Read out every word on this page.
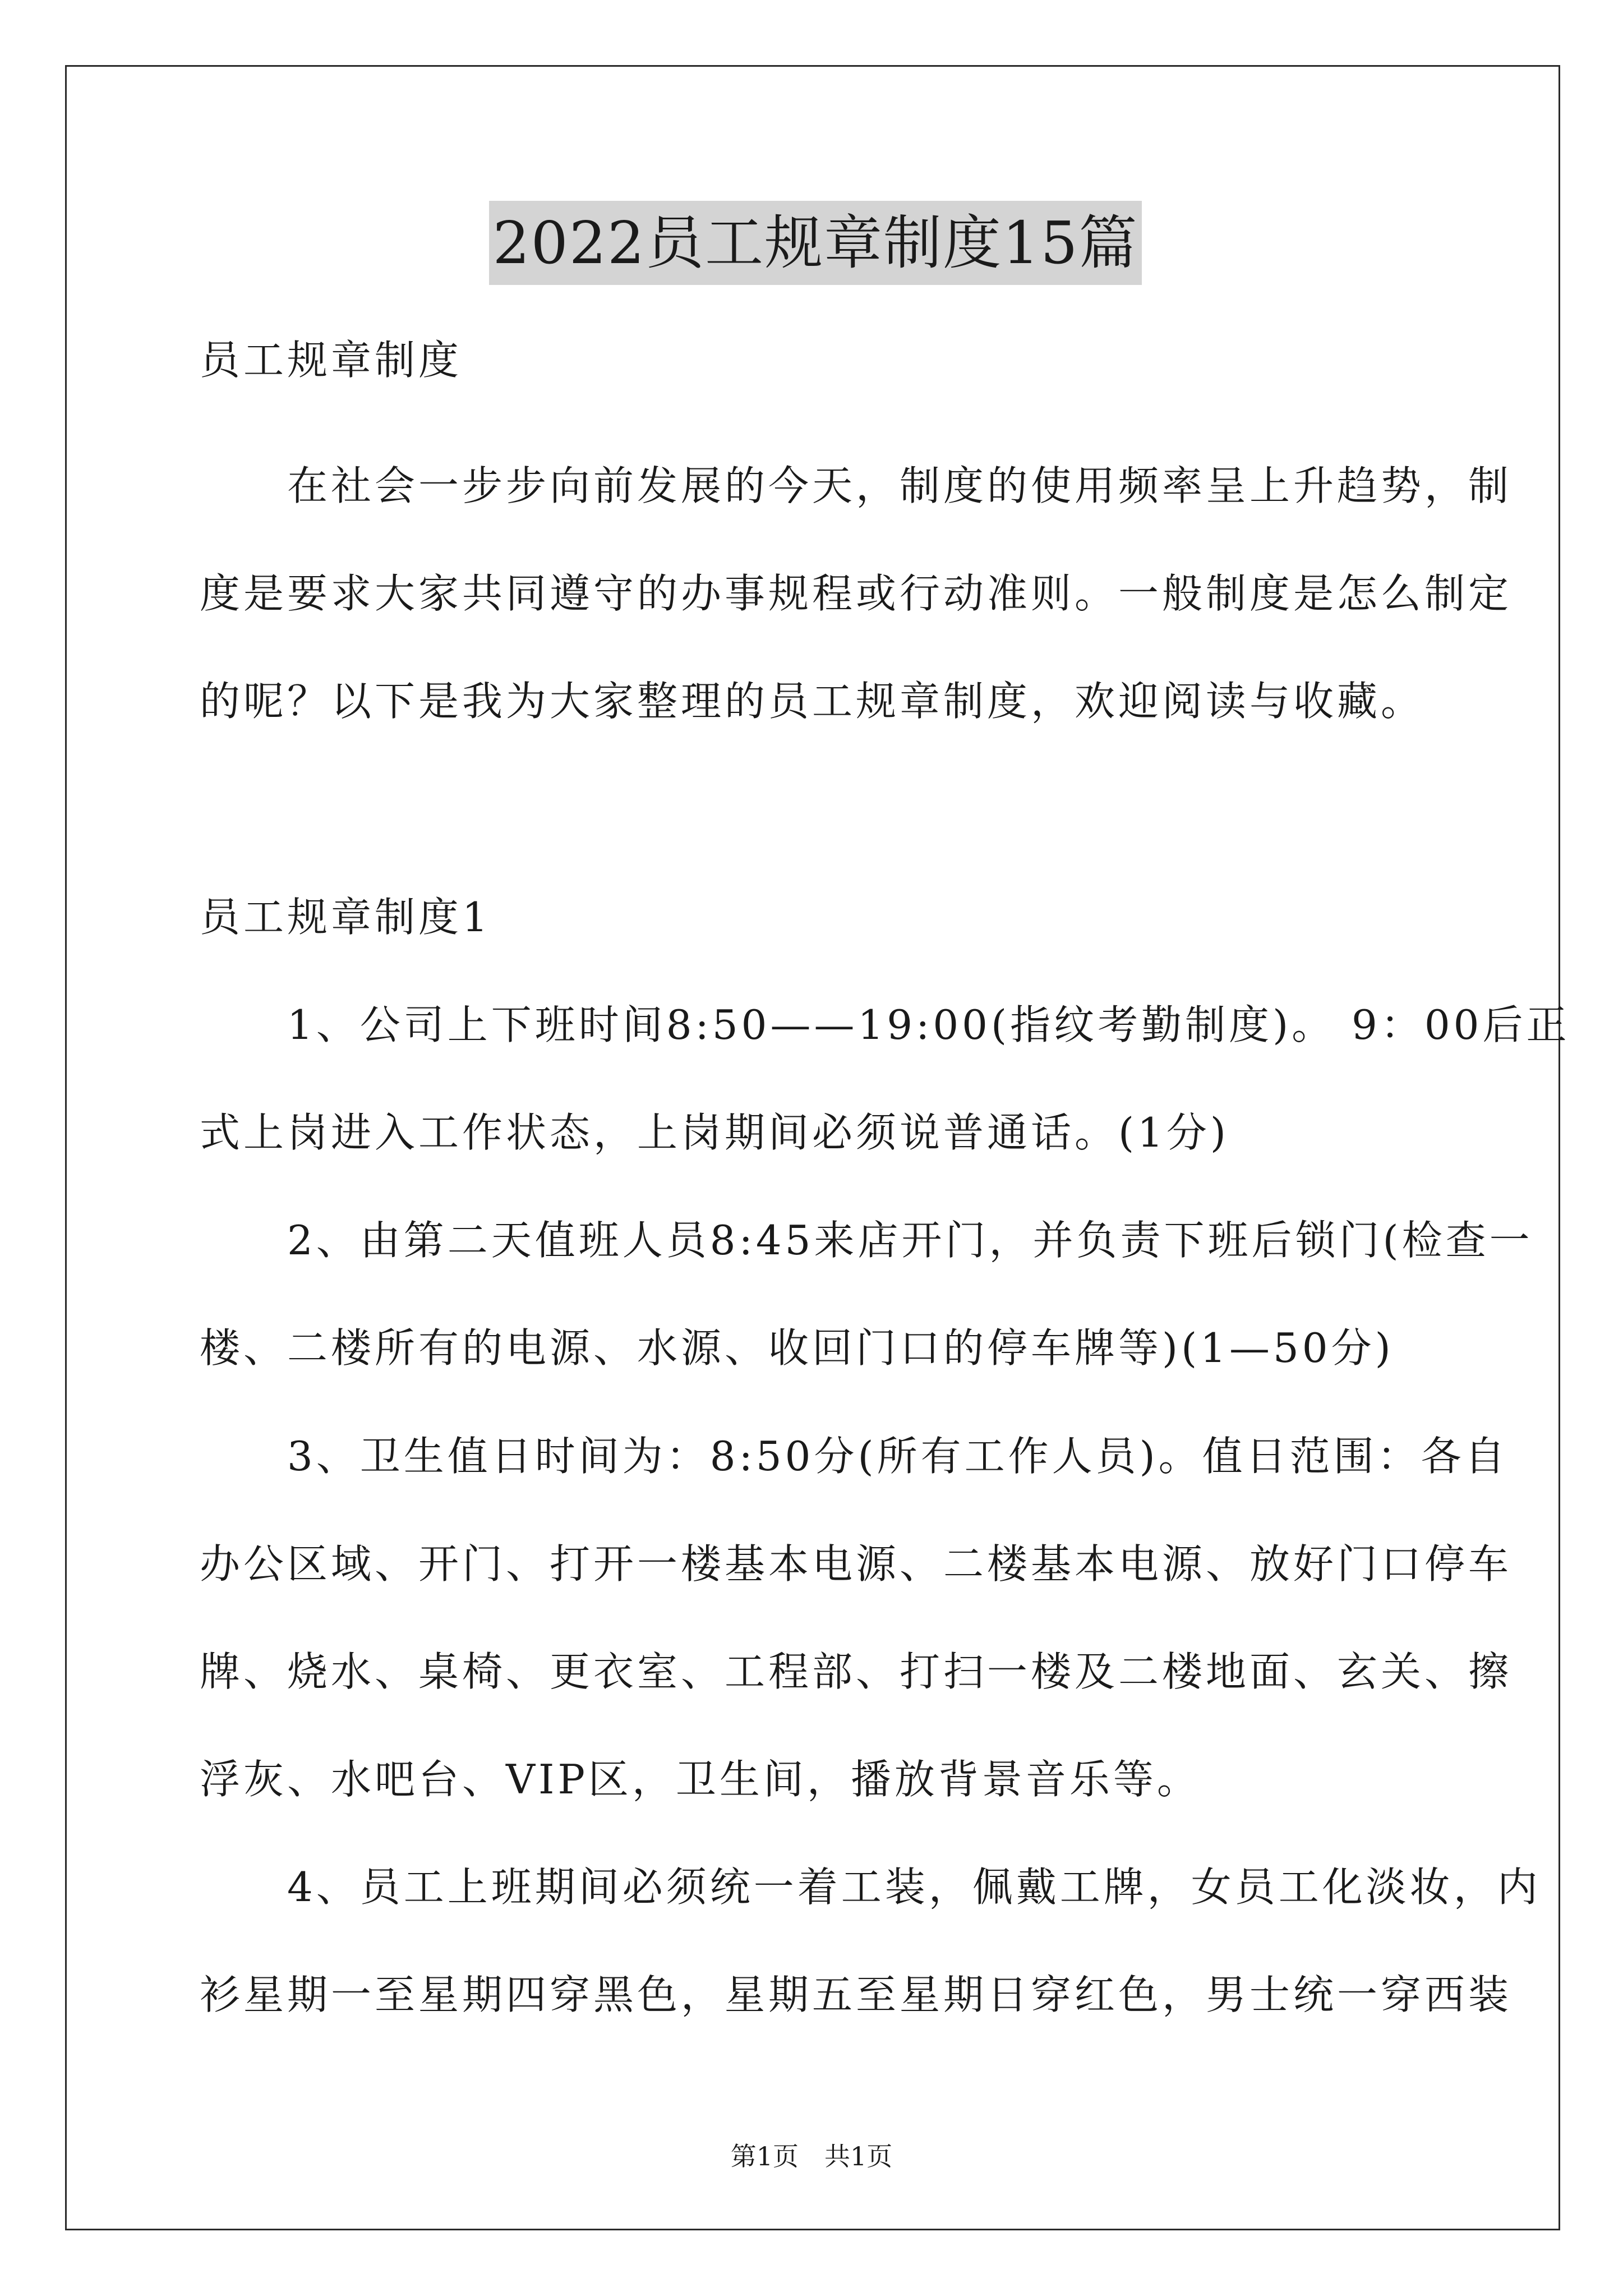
2022员工规章制度15篇

员工规章制度

　　在社会一步步向前发展的今天，制度的使用频率呈上升趋势，制

度是要求大家共同遵守的办事规程或行动准则。一般制度是怎么制定

的呢？以下是我为大家整理的员工规章制度，欢迎阅读与收藏。

员工规章制度1

　　1、公司上下班时间8:50——19:00(指纹考勤制度)。 9：00后正

式上岗进入工作状态，上岗期间必须说普通话。(1分)

　　2、由第二天值班人员8:45来店开门，并负责下班后锁门(检查一

楼、二楼所有的电源、水源、收回门口的停车牌等)(1—50分)

　　3、卫生值日时间为：8:50分(所有工作人员)。值日范围：各自

办公区域、开门、打开一楼基本电源、二楼基本电源、放好门口停车

牌、烧水、桌椅、更衣室、工程部、打扫一楼及二楼地面、玄关、擦

浮灰、水吧台、VIP区，卫生间，播放背景音乐等。

　　4、员工上班期间必须统一着工装，佩戴工牌，女员工化淡妆，内

衫星期一至星期四穿黑色，星期五至星期日穿红色，男士统一穿西装

第1页　共1页
